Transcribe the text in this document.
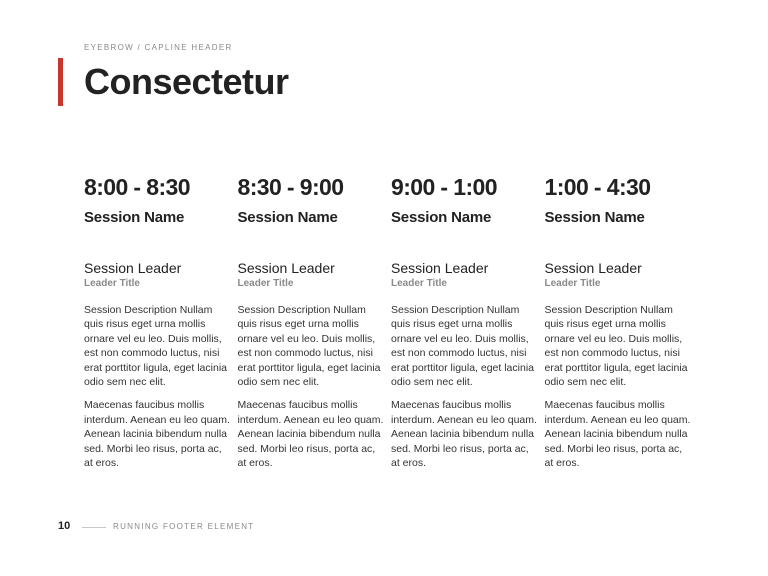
EYEBROW / CAPLINE HEADER
Consectetur
8:00 - 8:30
Session Name
Session Leader
Leader Title
Session Description Nullam quis risus eget urna mollis ornare vel eu leo. Duis mollis, est non commodo luctus, nisi erat porttitor ligula, eget lacinia odio sem nec elit.
Maecenas faucibus mollis interdum. Aenean eu leo quam. Aenean lacinia bibendum nulla sed. Morbi leo risus, porta ac, at eros.
8:30 - 9:00
Session Name
Session Leader
Leader Title
Session Description Nullam quis risus eget urna mollis ornare vel eu leo. Duis mollis, est non commodo luctus, nisi erat porttitor ligula, eget lacinia odio sem nec elit.
Maecenas faucibus mollis interdum. Aenean eu leo quam. Aenean lacinia bibendum nulla sed. Morbi leo risus, porta ac, at eros.
9:00 - 1:00
Session Name
Session Leader
Leader Title
Session Description Nullam quis risus eget urna mollis ornare vel eu leo. Duis mollis, est non commodo luctus, nisi erat porttitor ligula, eget lacinia odio sem nec elit.
Maecenas faucibus mollis interdum. Aenean eu leo quam. Aenean lacinia bibendum nulla sed. Morbi leo risus, porta ac, at eros.
1:00 - 4:30
Session Name
Session Leader
Leader Title
Session Description Nullam quis risus eget urna mollis ornare vel eu leo. Duis mollis, est non commodo luctus, nisi erat porttitor ligula, eget lacinia odio sem nec elit.
Maecenas faucibus mollis interdum. Aenean eu leo quam. Aenean lacinia bibendum nulla sed. Morbi leo risus, porta ac, at eros.
10	RUNNING FOOTER ELEMENT
